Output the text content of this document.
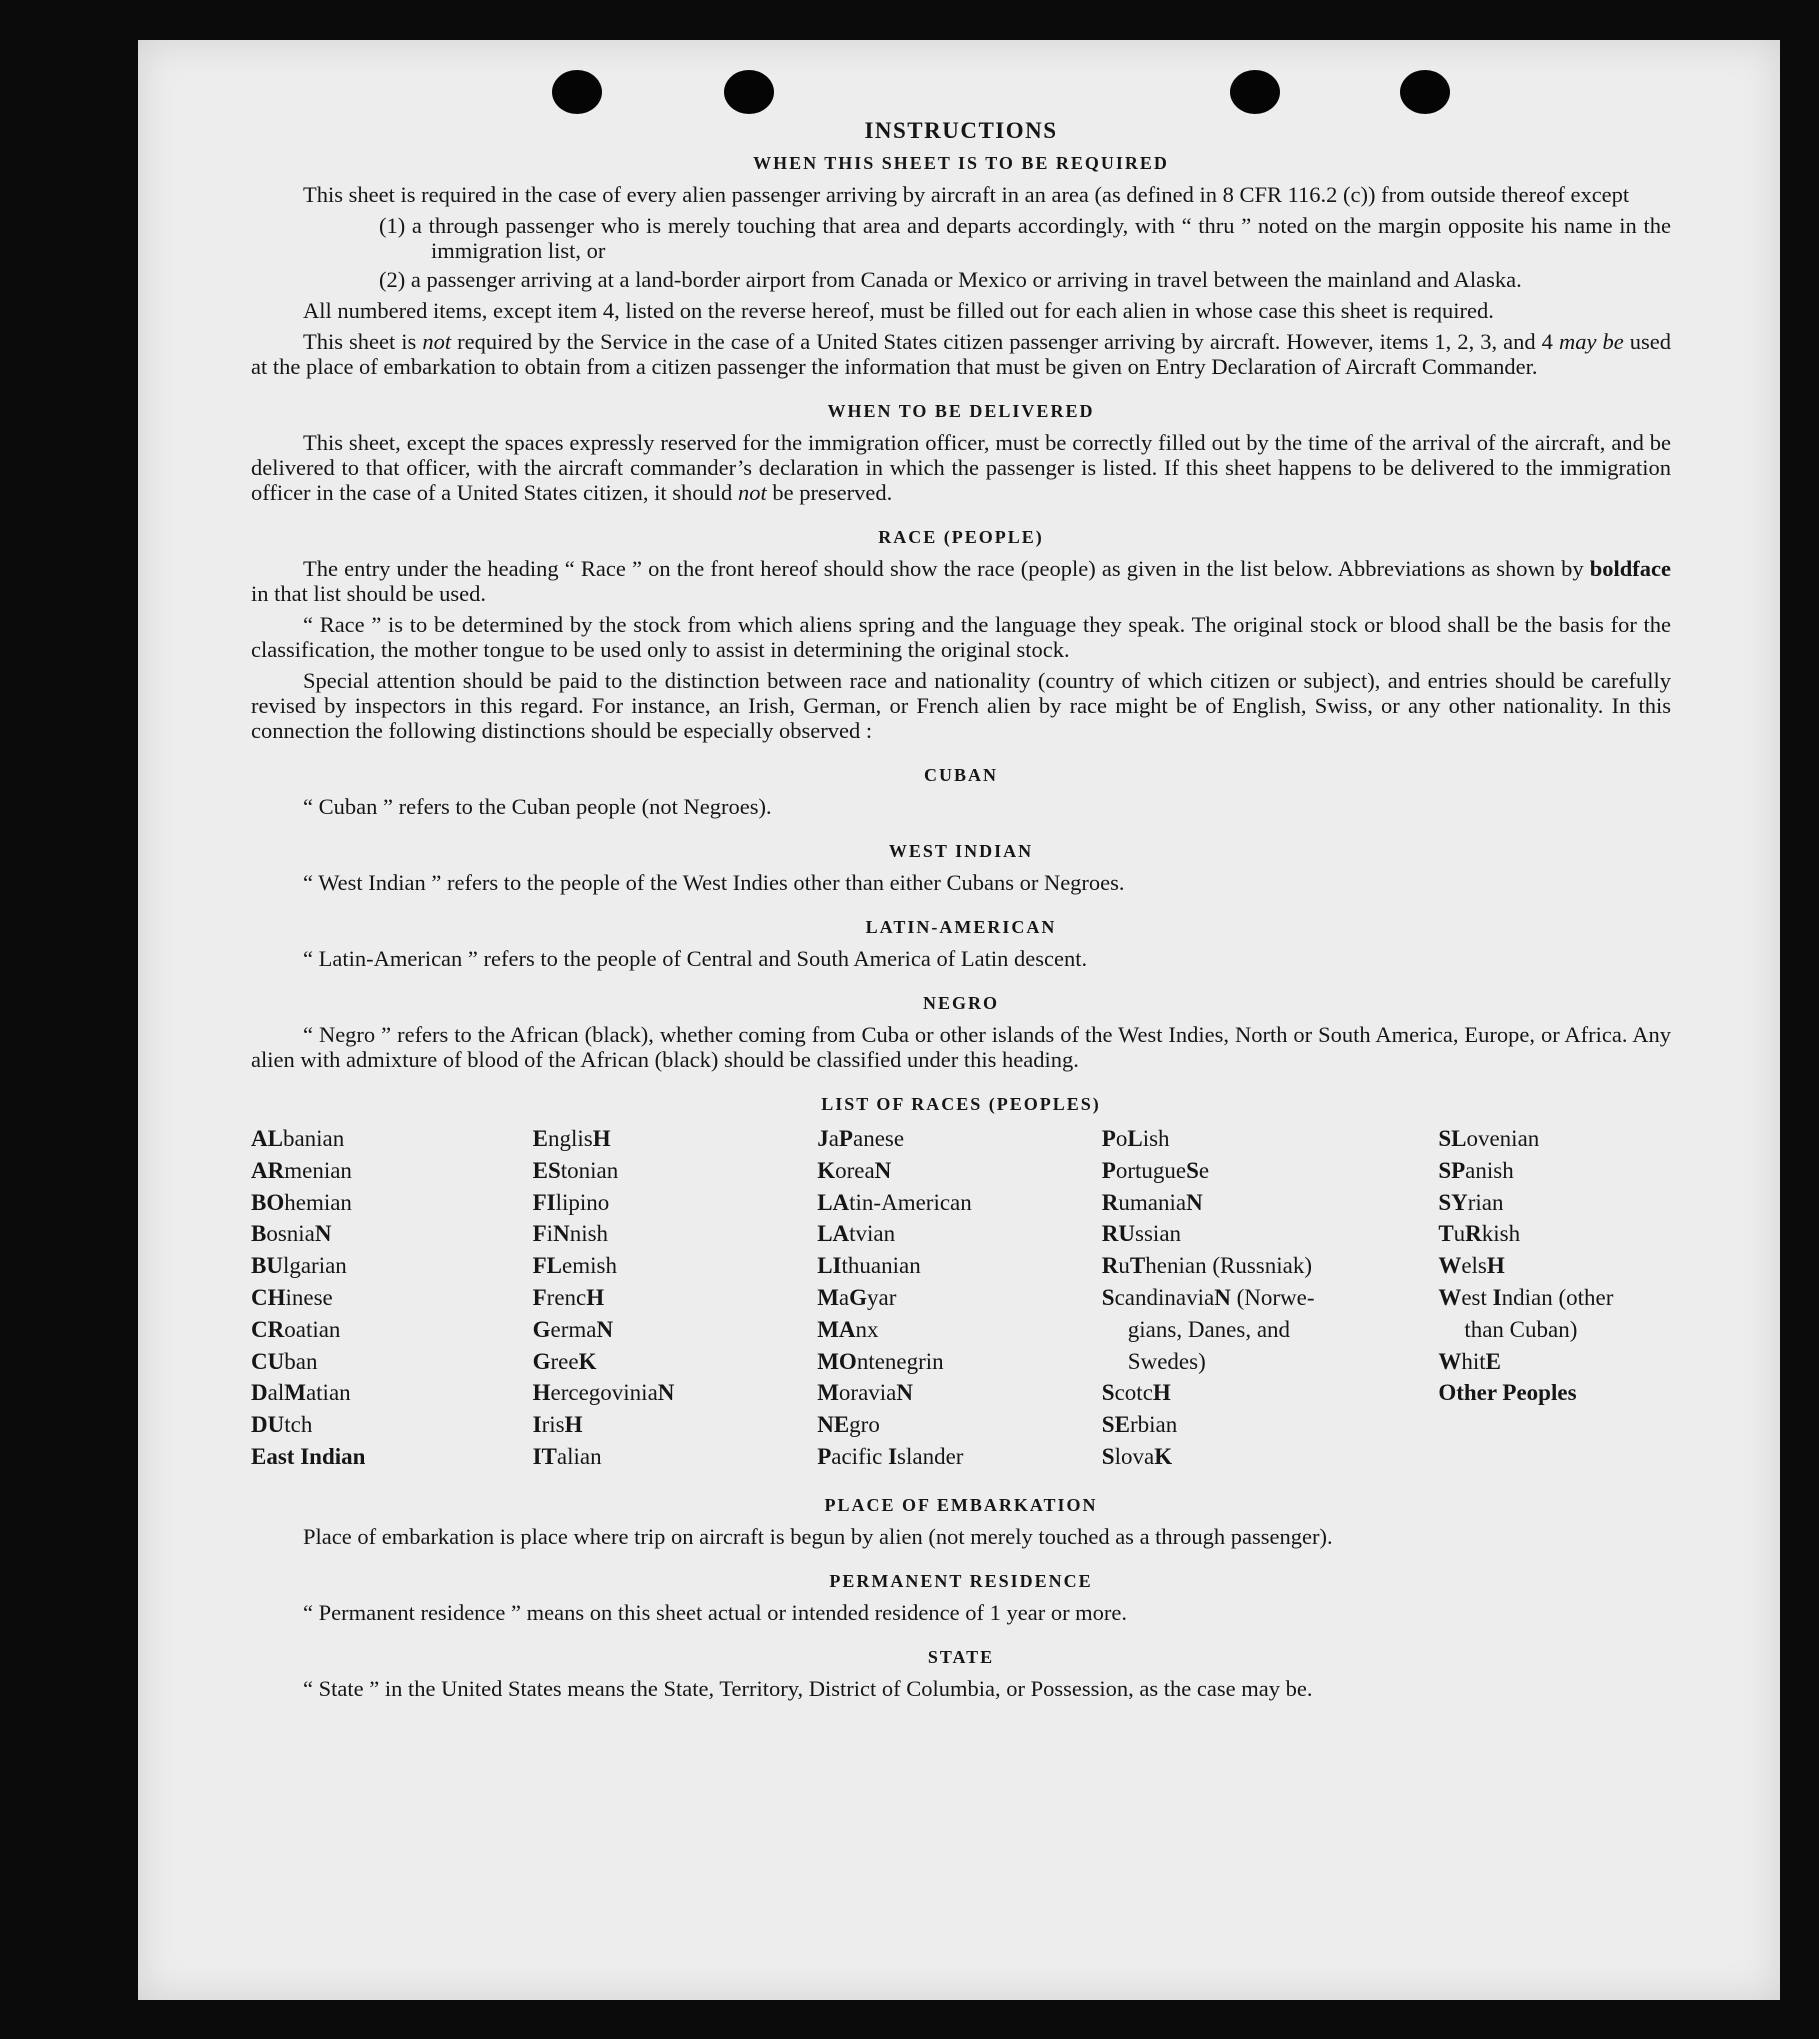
INSTRUCTIONS
WHEN THIS SHEET IS TO BE REQUIRED

This sheet is required in the case of every alien passenger arriving by aircraft in an area (as defined in 8 CFR 116.2 (c)) from outside thereof except

(1) a through passenger who is merely touching that area and departs accordingly, with “ thru ” noted on the margin opposite his name in the immigration list, or
(2) a passenger arriving at a land-border airport from Canada or Mexico or arriving in travel between the mainland and Alaska.

All numbered items, except item 4, listed on the reverse hereof, must be filled out for each alien in whose case this sheet is required.

This sheet is not required by the Service in the case of a United States citizen passenger arriving by aircraft. However, items 1, 2, 3, and 4 may be used at the place of embarkation to obtain from a citizen passenger the information that must be given on Entry Declaration of Aircraft Commander.

WHEN TO BE DELIVERED

This sheet, except the spaces expressly reserved for the immigration officer, must be correctly filled out by the time of the arrival of the aircraft, and be delivered to that officer, with the aircraft commander’s declaration in which the passenger is listed. If this sheet happens to be delivered to the immigration officer in the case of a United States citizen, it should not be preserved.

RACE (PEOPLE)

The entry under the heading “ Race ” on the front hereof should show the race (people) as given in the list below. Abbreviations as shown by boldface in that list should be used.

“ Race ” is to be determined by the stock from which aliens spring and the language they speak. The original stock or blood shall be the basis for the classification, the mother tongue to be used only to assist in determining the original stock.

Special attention should be paid to the distinction between race and nationality (country of which citizen or subject), and entries should be carefully revised by inspectors in this regard. For instance, an Irish, German, or French alien by race might be of English, Swiss, or any other nationality. In this connection the following distinctions should be especially observed :

CUBAN

“ Cuban ” refers to the Cuban people (not Negroes).

WEST INDIAN

“ West Indian ” refers to the people of the West Indies other than either Cubans or Negroes.

LATIN-AMERICAN

“ Latin-American ” refers to the people of Central and South America of Latin descent.

NEGRO

“ Negro ” refers to the African (black), whether coming from Cuba or other islands of the West Indies, North or South America, Europe, or Africa. Any alien with admixture of blood of the African (black) should be classified under this heading.

LIST OF RACES (PEOPLES)
ALbanian
ARmenian
BOhemian
BosniaN
BUlgarian
CHinese
CRoatian
CUban
DalMatian
DUtch
East Indian
EnglisH
EStonian
FIlipino
FiNnish
FLemish
FrencH
GermaN
GreeK
HercegoviniaN
IrisH
ITalian
JaPanese
KoreaN
LAtin-American
LAtvian
LIthuanian
MaGyar
MAnx
MOntenegrin
MoraviaN
NEgro
Pacific Islander
PoLish
PortugueSe
RumaniaN
RUssian
RuThenian (Russniak)
ScandinaviaN (Norwe-
gians, Danes, and
Swedes)
ScotcH
SErbian
SlovaK
SLovenian
SPanish
SYrian
TuRkish
WelsH
West Indian (other
than Cuban)
WhitE
Other Peoples
PLACE OF EMBARKATION

Place of embarkation is place where trip on aircraft is begun by alien (not merely touched as a through passenger).

PERMANENT RESIDENCE

“ Permanent residence ” means on this sheet actual or intended residence of 1 year or more.

STATE

“ State ” in the United States means the State, Territory, District of Columbia, or Possession, as the case may be.
